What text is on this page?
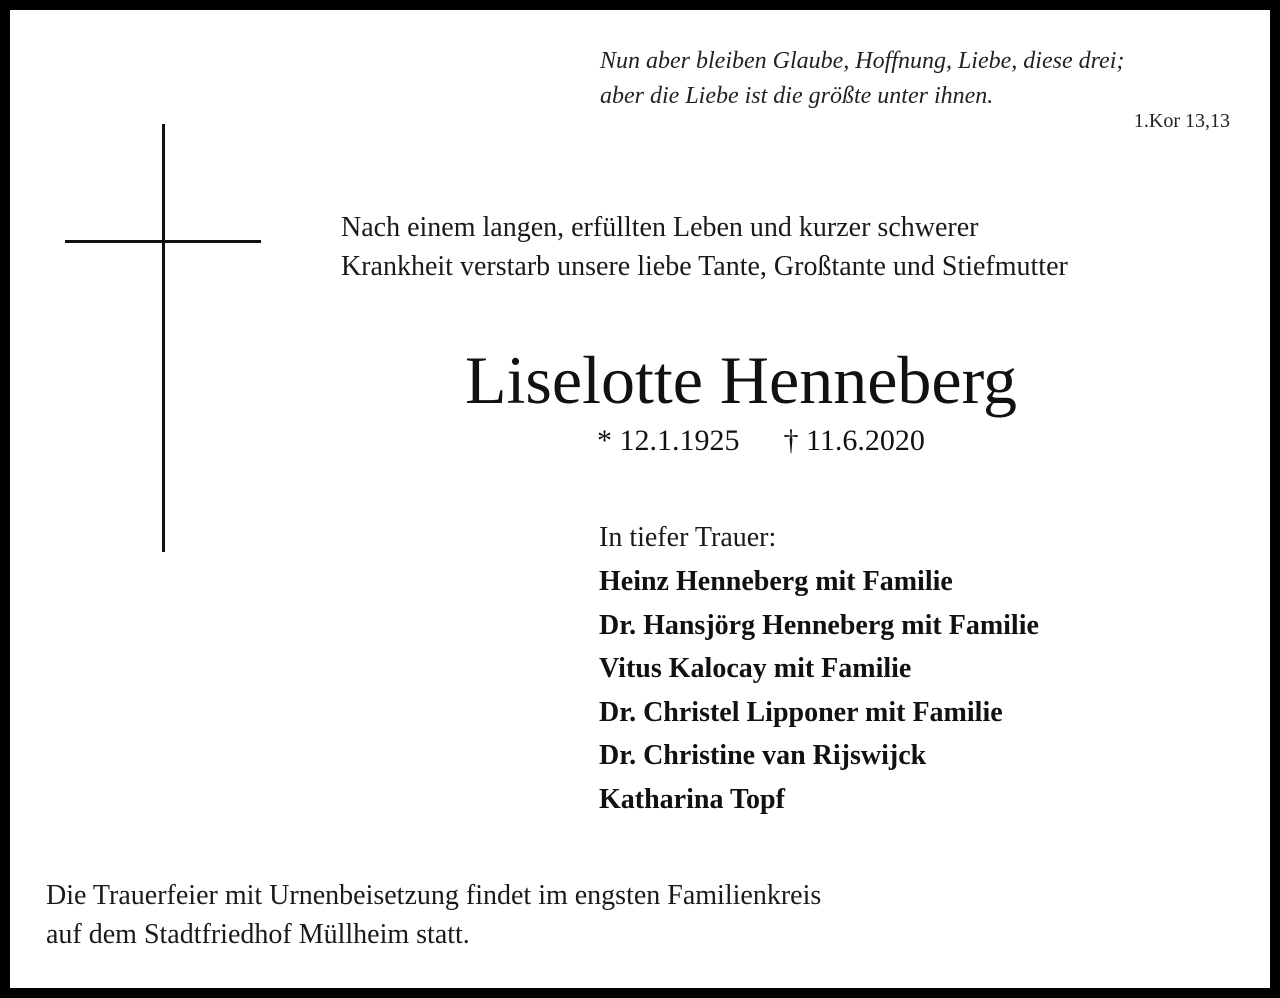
Nun aber bleiben Glaube, Hoffnung, Liebe, diese drei;
aber die Liebe ist die größte unter ihnen.
1.Kor 13,13
Nach einem langen, erfüllten Leben und kurzer schwerer
Krankheit verstarb unsere liebe Tante, Großtante und Stiefmutter
Liselotte Henneberg
* 12.1.1925 † 11.6.2020
In tiefer Trauer:
Heinz Henneberg mit Familie
Dr. Hansjörg Henneberg mit Familie
Vitus Kalocay mit Familie
Dr. Christel Lipponer mit Familie
Dr. Christine van Rijswijck
Katharina Topf
Die Trauerfeier mit Urnenbeisetzung findet im engsten Familienkreis
auf dem Stadtfriedhof Müllheim statt.
